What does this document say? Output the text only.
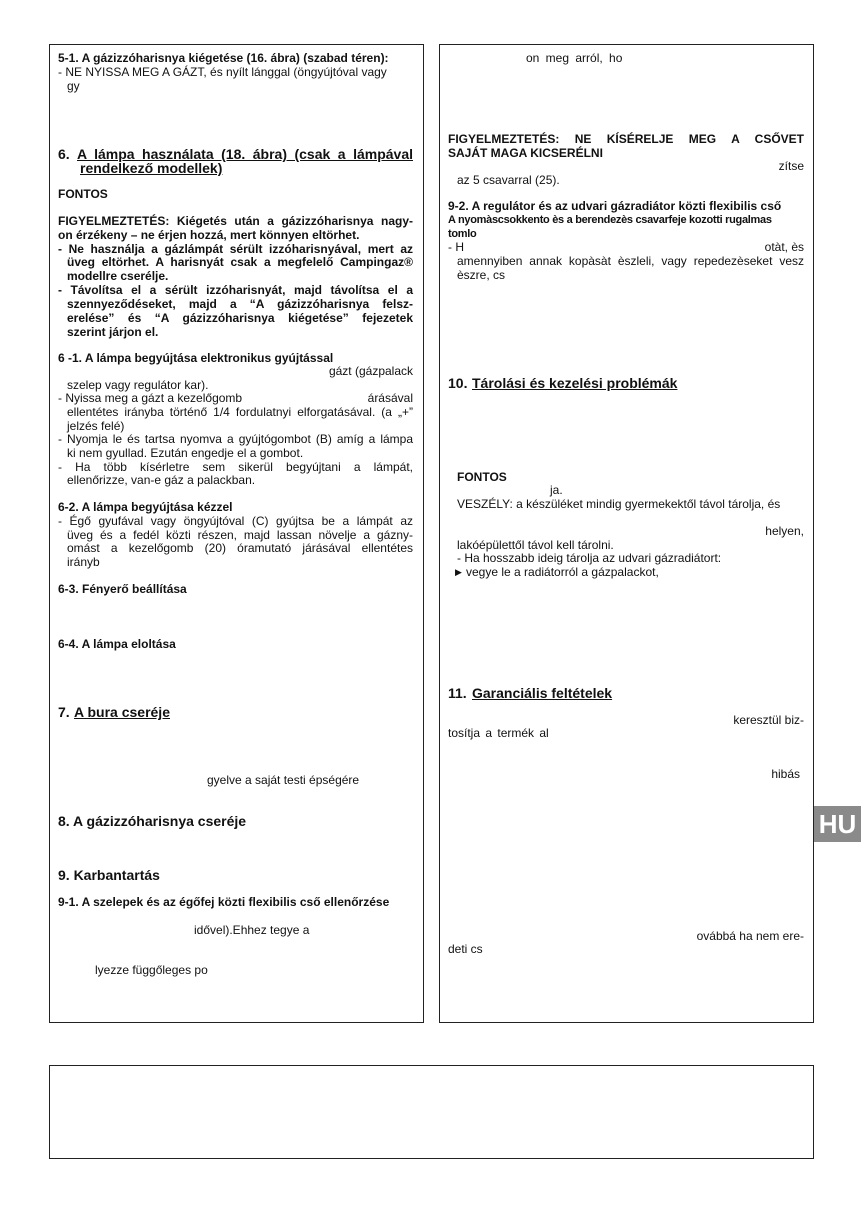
HU
5-1. A gázizzóharisnya kiégetése (16. ábra) (szabad téren):
- NE NYISSA MEG A GÁZT, és nyílt lánggal (öngyújtóval vagy
gy
6. A lámpa használata (18. ábra) (csak a lámpával
rendelkező modellek)
FONTOS
FIGYELMEZTETÉS: Kiégetés után a gázizzóharisnya nagy-
on érzékeny – ne érjen hozzá, mert könnyen eltörhet.
- Ne használja a gázlámpát sérült izzóharisnyával, mert az
üveg eltörhet. A harisnyát csak a megfelelő Campingaz®
modellre cserélje.
- Távolítsa el a sérült izzóharisnyát, majd távolítsa el a
szennyeződéseket, majd a “A gázizzóharisnya felsz-
erelése” és “A gázizzóharisnya kiégetése” fejezetek
szerint járjon el.
6 -1. A lámpa begyújtása elektronikus gyújtással
gázt (gázpalack
szelep vagy regulátor kar).
- Nyissa meg a gázt a kezelőgomb	árásával
ellentétes irányba történő 1/4 fordulatnyi elforgatásával. (a „+”
jelzés felé)
- Nyomja le és tartsa nyomva a gyújtógombot (B) amíg a lámpa
ki nem gyullad. Ezután engedje el a gombot.
- Ha több kísérletre sem sikerül begyújtani a lámpát,
ellenőrizze, van-e gáz a palackban.
6-2. A lámpa begyújtása kézzel
- Égő gyufával vagy öngyújtóval (C) gyújtsa be a lámpát az
üveg és a fedél közti részen, majd lassan növelje a gázny-
omást a kezelőgomb (20) óramutató járásával ellentétes
irányb
6-3. Fényerő beállítása
6-4. A lámpa eloltása
7. A bura cseréje
gyelve a saját testi épségére
8. A gázizzóharisnya cseréje
9. Karbantartás
9-1. A szelepek és az égőfej közti flexibilis cső ellenőrzése
idővel).Ehhez tegye a
lyezze függőleges po
on meg arról, ho
FIGYELMEZTETÉS: NE KÍSÉRELJE MEG A CSŐVET
SAJÁT MAGA KICSERÉLNI
zítse
az 5 csavarral (25).
9-2. A regulátor és az udvari gázradiátor közti flexibilis cső
A nyomàscsokkento ès a berendezès csavarfeje kozotti rugalmas
tomlo
- H	otàt, ès
amennyiben annak kopàsàt èszleli, vagy repedezèseket vesz
èszre, cs
10. Tárolási és kezelési problémák
FONTOS
ja.
VESZÉLY: a készüléket mindig gyermekektől távol tárolja, és
helyen,
lakóépülettől távol kell tárolni.
- Ha hosszabb ideig tárolja az udvari gázradiátort:
▶ vegye le a radiátorról a gázpalackot,
11. Garanciális feltételek
keresztül biz-
tosítja a termék al
hibás
ovábbá ha nem ere-
deti cs
